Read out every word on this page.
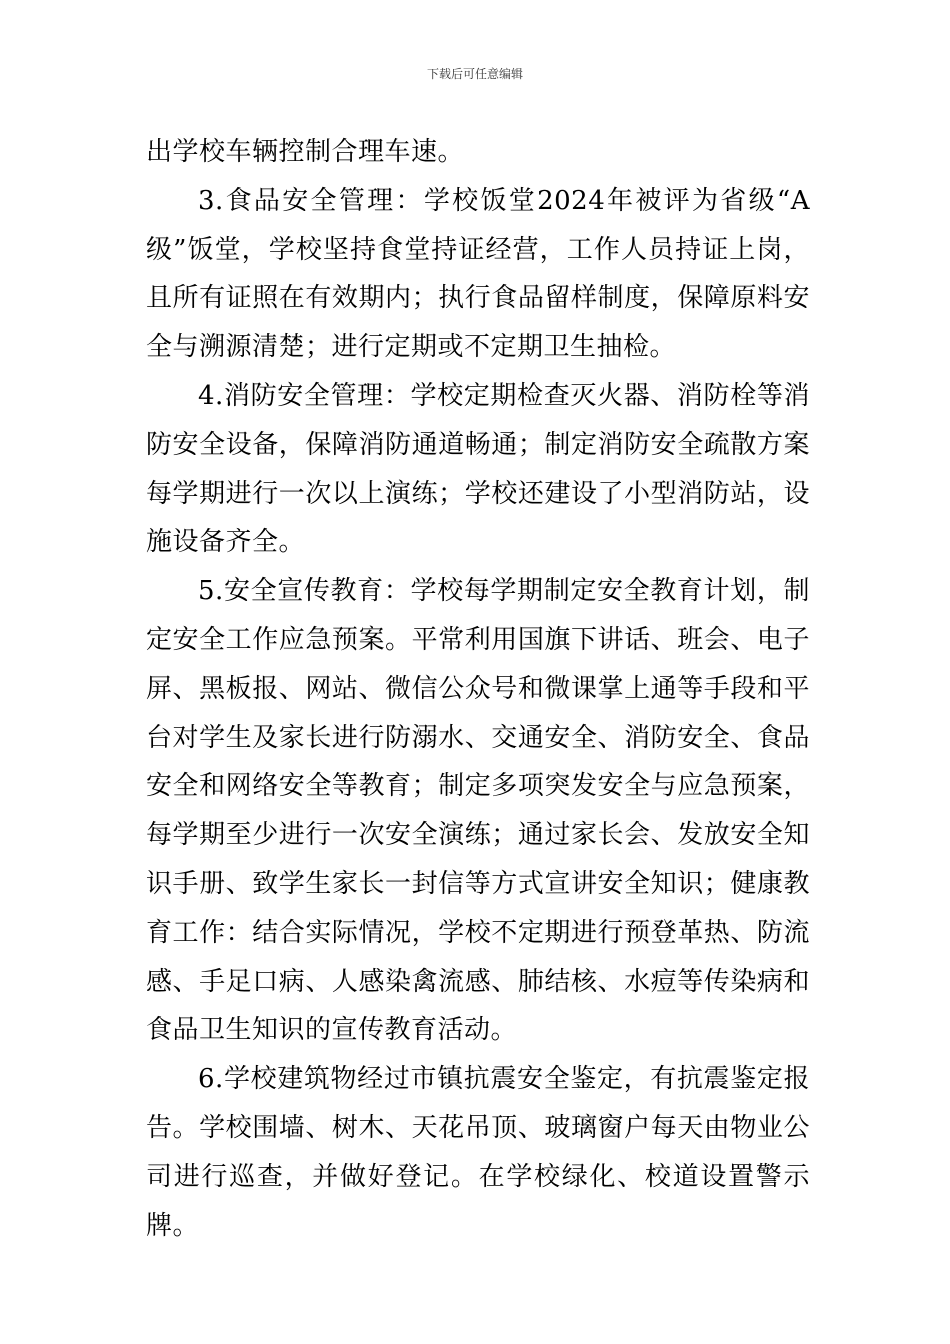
下载后可任意编辑

出学校车辆控制合理车速。

3.食品安全管理：学校饭堂2024年被评为省级“A级”饭堂，学校坚持食堂持证经营，工作人员持证上岗，且所有证照在有效期内；执行食品留样制度，保障原料安全与溯源清楚；进行定期或不定期卫生抽检。

4.消防安全管理：学校定期检查灭火器、消防栓等消防安全设备，保障消防通道畅通；制定消防安全疏散方案每学期进行一次以上演练；学校还建设了小型消防站，设施设备齐全。

5.安全宣传教育：学校每学期制定安全教育计划，制定安全工作应急预案。平常利用国旗下讲话、班会、电子屏、黑板报、网站、微信公众号和微课掌上通等手段和平台对学生及家长进行防溺水、交通安全、消防安全、食品安全和网络安全等教育；制定多项突发安全与应急预案，每学期至少进行一次安全演练；通过家长会、发放安全知识手册、致学生家长一封信等方式宣讲安全知识；健康教育工作：结合实际情况，学校不定期进行预登革热、防流感、手足口病、人感染禽流感、肺结核、水痘等传染病和食品卫生知识的宣传教育活动。

6.学校建筑物经过市镇抗震安全鉴定，有抗震鉴定报告。学校围墙、树木、天花吊顶、玻璃窗户每天由物业公司进行巡查，并做好登记。在学校绿化、校道设置警示牌。
